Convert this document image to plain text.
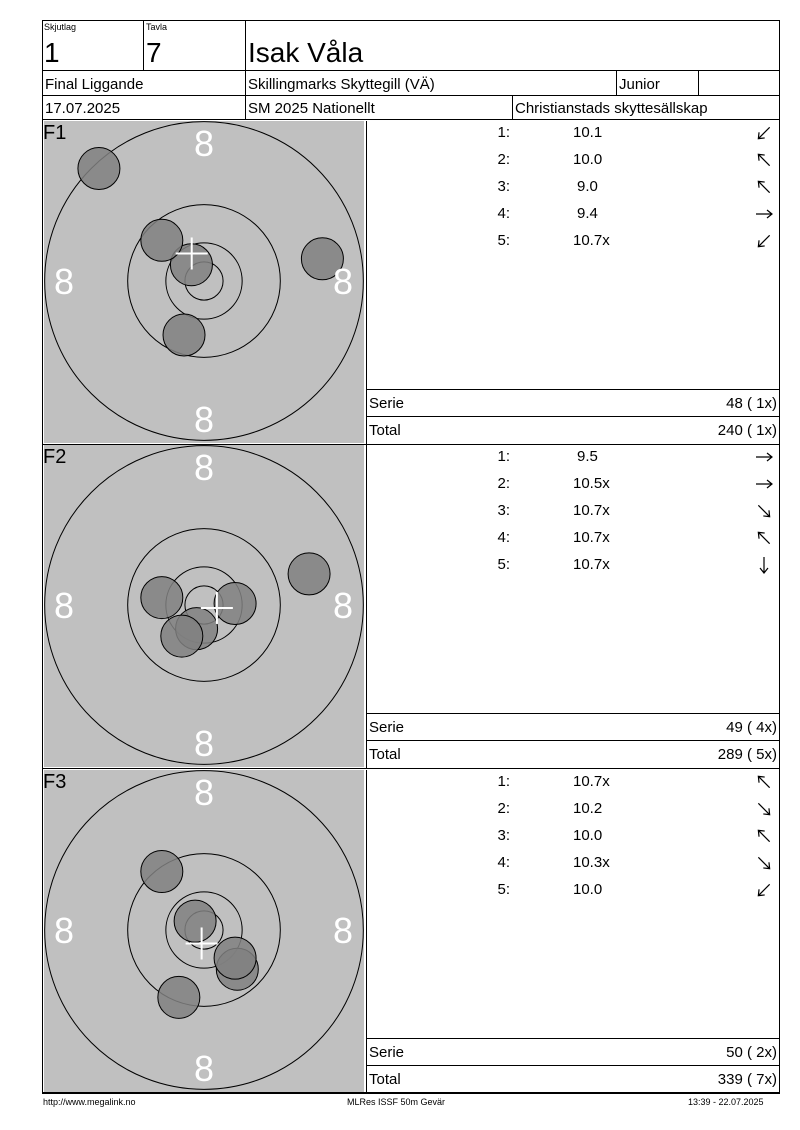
Skjutlag
1
Tavla
7	Isak Våla
Final Liggande	Skillingmarks Skyttegill (VÄ)	Junior
17.07.2025	SM 2025 Nationellt	Christianstads skyttesällskap
8
8	8
8
F1	1:	10.1
2:	10.0
3:	9.0
4:	9.4
5:	10.7x
Serie	48 ( 1x)
Total	240 ( 1x)
8
8	8
8
F2	1:	9.5
2:	10.5x
3:	10.7x
4:	10.7x
5:	10.7x
Serie	49 ( 4x)
Total	289 ( 5x)
8
8	8
8
F3	1:	10.7x
2:	10.2
3:	10.0
4:	10.3x
5:	10.0
Serie	50 ( 2x)
Total	339 ( 7x)
http://www.megalink.no	MLRes ISSF 50m Gevär	13:39 - 22.07.2025
